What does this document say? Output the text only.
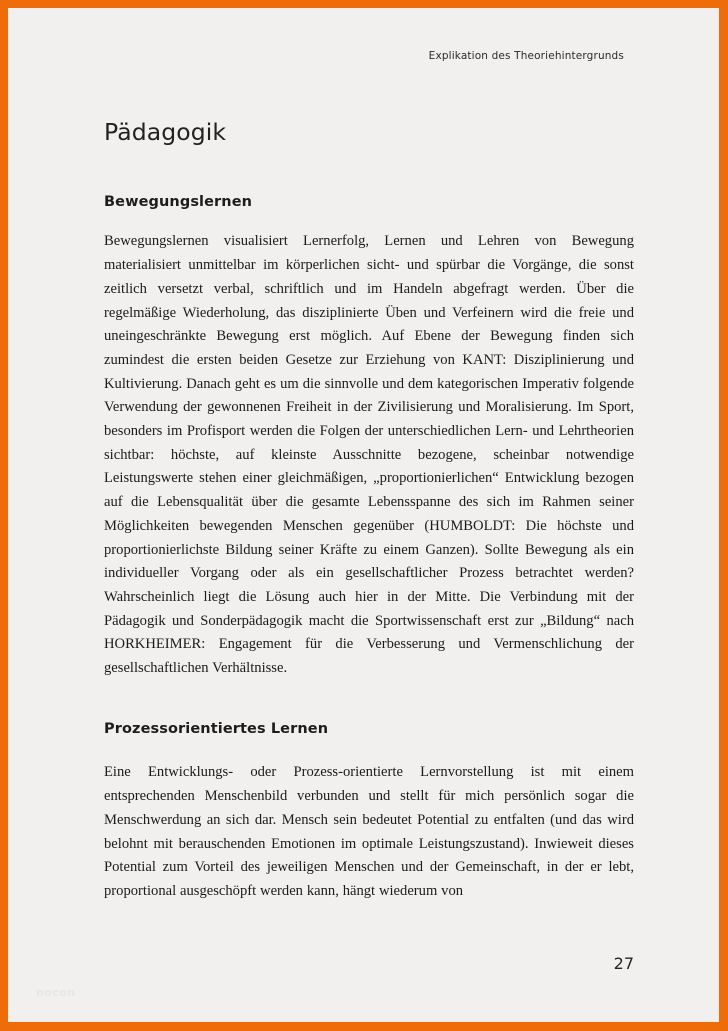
Explikation des Theoriehintergrunds
Pädagogik
Bewegungslernen

Bewegungslernen visualisiert Lernerfolg, Lernen und Lehren von Bewegung materialisiert unmittelbar im körperlichen sicht- und spürbar die Vorgänge, die sonst zeitlich versetzt verbal, schriftlich und im Handeln abgefragt werden. Über die regelmäßige Wiederholung, das disziplinierte Üben und Verfeinern wird die freie und uneingeschränkte Bewegung erst möglich. Auf Ebene der Bewegung finden sich zumindest die ersten beiden Gesetze zur Erziehung von KANT: Disziplinierung und Kultivierung. Danach geht es um die sinnvolle und dem kategorischen Imperativ folgende Verwendung der gewonnenen Freiheit in der Zivilisierung und Moralisierung. Im Sport, besonders im Profisport werden die Folgen der unterschiedlichen Lern- und Lehrtheorien sichtbar: höchste, auf kleinste Ausschnitte bezogene, scheinbar notwendige Leistungswerte stehen einer gleichmäßigen, „proportionierlichen“ Entwicklung bezogen auf die Lebensqualität über die gesamte Lebensspanne des sich im Rahmen seiner Möglichkeiten bewegenden Menschen gegenüber (HUMBOLDT: Die höchste und proportionierlichste Bildung seiner Kräfte zu einem Ganzen). Sollte Bewegung als ein individueller Vorgang oder als ein gesellschaftlicher Prozess betrachtet werden? Wahrscheinlich liegt die Lösung auch hier in der Mitte. Die Verbindung mit der Pädagogik und Sonderpädagogik macht die Sportwissenschaft erst zur „Bildung“ nach HORKHEIMER: Engagement für die Verbesserung und Vermenschlichung der gesellschaftlichen Verhältnisse.

Prozessorientiertes Lernen

Eine Entwicklungs- oder Prozess-orientierte Lernvorstellung ist mit einem entsprechenden Menschenbild verbunden und stellt für mich persönlich sogar die Menschwerdung an sich dar. Mensch sein bedeutet Potential zu entfalten (und das wird belohnt mit berauschenden Emotionen im optimale Leistungszustand). Inwieweit dieses Potential zum Vorteil des jeweiligen Menschen und der Gemeinschaft, in der er lebt, proportional ausgeschöpft werden kann, hängt wiederum von

27
nocon
